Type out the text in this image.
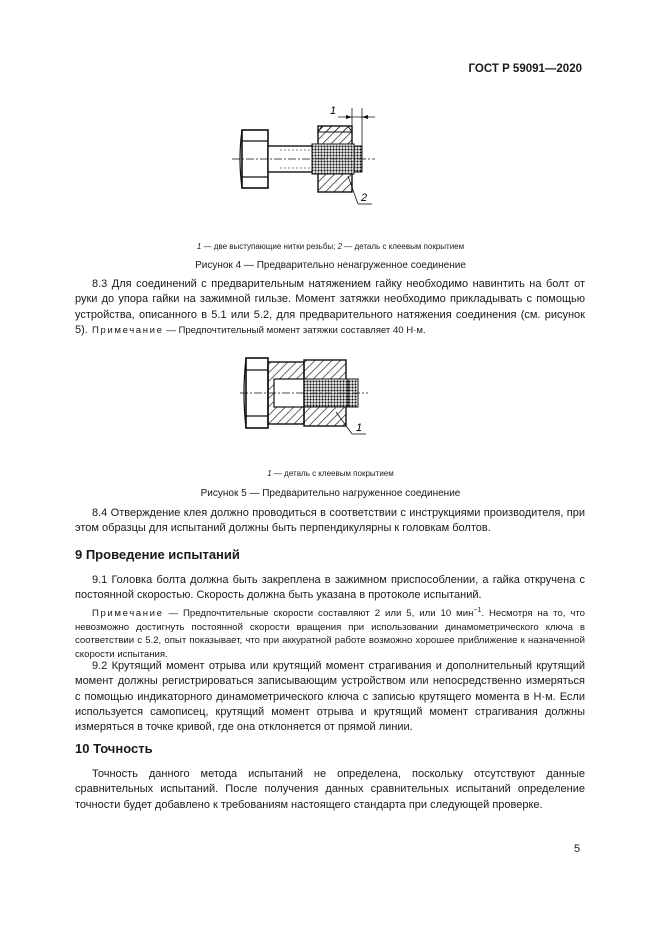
ГОСТ Р 59091—2020
1
2
1 — две выступающие нитки резьбы; 2 — деталь с клеевым покрытием
Рисунок 4 — Предварительно ненагруженное соединение
8.3 Для соединений с предварительным натяжением гайку необходимо навинтить на болт от руки до упора гайки на зажимной гильзе. Момент затяжки необходимо прикладывать с помощью устройства, описанного в 5.1 или 5.2, для предварительного натяжения соединения (см. рисунок 5). Примечание — Предпочтительный момент затяжки составляет 40 Н·м.
1
1 — деталь с клеевым покрытием
Рисунок 5 — Предварительно нагруженное соединение
8.4 Отверждение клея должно проводиться в соответствии с инструкциями производителя, при этом образцы для испытаний должны быть перпендикулярны к головкам болтов.
9 Проведение испытаний
9.1 Головка болта должна быть закреплена в зажимном приспособлении, а гайка откручена с постоянной скоростью. Скорость должна быть указана в протоколе испытаний.
Примечание — Предпочтительные скорости составляют 2 или 5, или 10 мин$^{-1}$. Несмотря на то, что невозможно достигнуть постоянной скорости вращения при использовании динамометрического ключа в соответствии с 5.2, опыт показывает, что при аккуратной работе возможно хорошее приближение к назначенной скорости испытания.
9.2 Крутящий момент отрыва или крутящий момент страгивания и дополнительный крутящий момент должны регистрироваться записывающим устройством или непосредственно измеряться с помощью индикаторного динамометрического ключа с записью крутящего момента в Н·м. Если используется самописец, крутящий момент отрыва и крутящий момент страгивания должны измеряться в точке кривой, где она отклоняется от прямой линии.
10 Точность
Точность данного метода испытаний не определена, поскольку отсутствуют данные сравнительных испытаний. После получения данных сравнительных испытаний определение точности будет добавлено к требованиям настоящего стандарта при следующей проверке.
5
